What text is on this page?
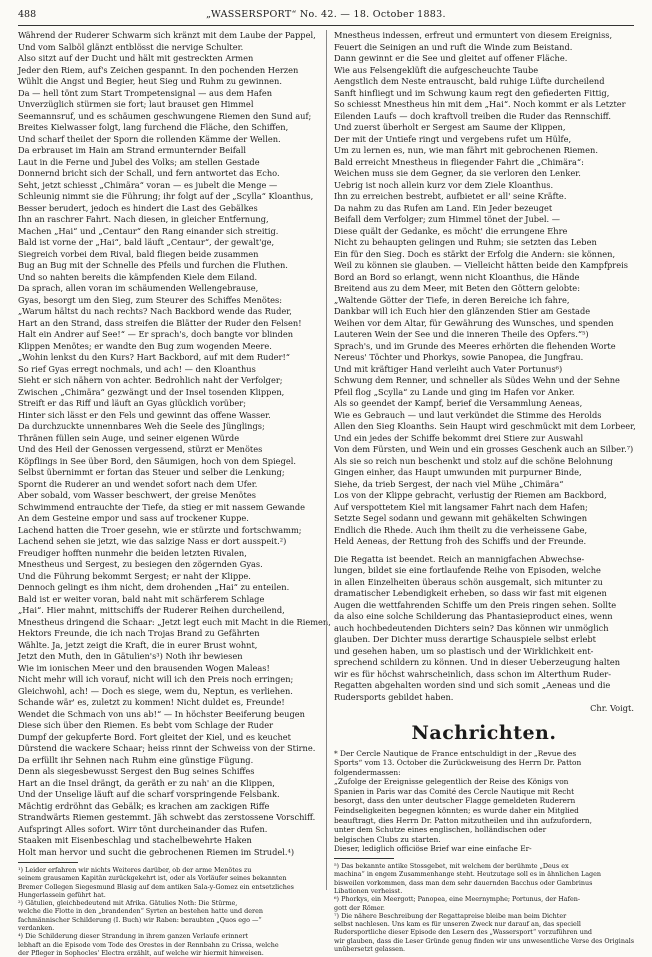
488	„WASSERSPORT“ No. 42. — 18. October 1883.

Während der Ruderer Schwarm sich kränzt mit dem Laube der Pappel,

Und vom Salböl glänzt entblösst die nervige Schulter.

Also sitzt auf der Ducht und hält mit gestreckten Armen

Jeder den Riem, auf's Zeichen gespannt. In den pochenden Herzen

Wühlt die Angst und Begier, heut Sieg und Ruhm zu gewinnen.

Da — hell tönt zum Start Trompetensignal — aus dem Hafen

Unverzüglich stürmen sie fort; laut brauset gen Himmel

Seemannsruf, und es schäumen geschwungene Riemen den Sund auf;

Breites Kielwasser folgt, lang furchend die Fläche, den Schiffen,

Und scharf theilet der Sporn die rollenden Kämme der Wellen.

Da erbrauset im Hain am Strand ermunternder Beifall

Laut in die Ferne und Jubel des Volks; am stellen Gestade

Donnernd bricht sich der Schall, und fern antwortet das Echo.

Seht, jetzt schiesst „Chimära“ voran — es jubelt die Menge —

Schleunig nimmt sie die Führung; ihr folgt auf der „Scylla“ Kloanthus,

Besser berudert, jedoch es hindert die Last des Gebälkes

Ihn an raschrer Fahrt. Nach diesen, in gleicher Entfernung,

Machen „Hai“ und „Centaur“ den Rang einander sich streitig.

Bald ist vorne der „Hai“, bald läuft „Centaur“, der gewalt'ge,

Siegreich vorbei dem Rival, bald fliegen beide zusammen

Bug an Bug mit der Schnelle des Pfeils und furchen die Fluthen.

Und so nahten bereits die kämpfenden Kiele dem Eiland.

Da sprach, allen voran im schäumenden Wellengebrause,

Gyas, besorgt um den Sieg, zum Steurer des Schiffes Menötes:

„Warum hältst du nach rechts? Nach Backbord wende das Ruder,

Hart an den Strand, dass streifen die Blätter der Ruder den Felsen!

Halt ein Andrer auf See!“ — Er sprach's, doch bangte vor blinden

Klippen Menötes; er wandte den Bug zum wogenden Meere.

„Wohin lenkst du den Kurs? Hart Backbord, auf mit dem Ruder!“

So rief Gyas erregt nochmals, und ach! — den Kloanthus

Sieht er sich nähern von achter. Bedrohlich naht der Verfolger;

Zwischen „Chimära“ gezwängt und der Insel tosenden Klippen,

Streift er das Riff und läuft an Gyas glücklich vorüber;

Hinter sich lässt er den Fels und gewinnt das offene Wasser.

Da durchzuckte unnennbares Weh die Seele des Jünglings;

Thränen füllen sein Auge, und seiner eigenen Würde

Und des Heil der Genossen vergessend, stürzt er Menötes

Köpflings in See über Bord, den Säumigen, hoch von dem Spiegel.

Selbst übernimmt er fortan das Steuer und selber die Lenkung;

Spornt die Ruderer an und wendet sofort nach dem Ufer.

Aber sobald, vom Wasser beschwert, der greise Menötes

Schwimmend entrauchte der Tiefe, da stieg er mit nassem Gewande

An dem Gesteine empor und sass auf trockener Kuppe.

Lachend hatten die Troer gesehn, wie er stürzte und fortschwamm;

Lachend sehen sie jetzt, wie das salzige Nass er dort ausspeit.²)

Freudiger hofften nunmehr die beiden letzten Rivalen,

Mnestheus und Sergest, zu besiegen den zögernden Gyas.

Und die Führung bekommt Sergest; er naht der Klippe.

Dennoch gelingt es ihm nicht, dem drohenden „Hai“ zu enteilen.

Bald ist er weiter voran, bald naht mit schärferem Schlage

„Hai“. Hier mahnt, mittschiffs der Ruderer Reihen durcheilend,

Mnestheus dringend die Schaar: „Jetzt legt euch mit Macht in die Riemen,

Hektors Freunde, die ich nach Trojas Brand zu Gefährten

Wählte. Ja, jetzt zeigt die Kraft, die in eurer Brust wohnt,

Jetzt den Muth, den in Gätulien's³) Noth ihr bewiesen

Wie im ionischen Meer und den brausenden Wogen Maleas!

Nicht mehr will ich vorauf, nicht will ich den Preis noch erringen;

Gleichwohl, ach! — Doch es siege, wem du, Neptun, es verliehen.

Schande wär' es, zuletzt zu kommen! Nicht duldet es, Freunde!

Wendet die Schmach von uns ab!“ — In höchster Beeiferung beugen

Diese sich über den Riemen. Es bebt vom Schlage der Ruder

Dumpf der gekupferte Bord. Fort gleitet der Kiel, und es keuchet

Dürstend die wackere Schaar; heiss rinnt der Schweiss von der Stirne.

Da erfüllt ihr Sehnen nach Ruhm eine günstige Fügung.

Denn als siegesbewusst Sergest den Bug seines Schiffes

Hart an die Insel drängt, da geräth er zu nah' an die Klippen,

Und der Unselige läuft auf die scharf vorspringende Felsbank.

Mächtig erdröhnt das Gebälk; es krachen am zackigen Riffe

Strandwärts Riemen gestemmt. Jäh schwebt das zerstossene Vorschiff.

Aufspringt Alles sofort. Wirr tönt durcheinander das Rufen.

Staaken mit Eisenbeschlag und stachelbewehrte Haken

Holt man hervor und sucht die gebrochenen Riemen im Strudel.⁴)

¹) Leider erfahren wir nichts Weiteres darüber, ob der arme Menötes zu

seinem grausamen Kapitän zurückgekehrt ist, oder als Vorläufer seines bekannten

Bremer Collegen Siegesmund Blasig auf dem antiken Sala-y-Gomez ein entsetzliches

Hungerlassein geführt hat.

²) Gätulien, gleichbedeutend mit Afrika. Gätulies Noth: Die Stürme,

welche die Flotte in den „brandenden“ Syrten an bestehen hatte und deren

fachmännischer Schilderung (I. Buch) wir Raben: beraubten „Quos ego —“

verdanken.

⁴) Die Schilderung dieser Strandung in ihrem ganzen Verlaufe erinnert

lebhaft an die Episode vom Tode des Orestes in der Rennbahn zu Crissa, welche

der Pfleger in Sophocles' Electra erzählt, auf welche wir hiermit hinweisen.

Mnestheus indessen, erfreut und ermuntert von diesem Ereigniss,

Feuert die Seinigen an und ruft die Winde zum Beistand.

Dann gewinnt er die See und gleitet auf offener Fläche.

Wie aus Felsengeklüft die aufgescheuchte Taube

Aengstlich dem Neste entrauscht, bald ruhige Lüfte durcheilend

Sanft hinfliegt und im Schwung kaum regt den gefiederten Fittig,

So schiesst Mnestheus hin mit dem „Hai“. Noch kommt er als Letzter

Eilenden Laufs — doch kraftvoll treiben die Ruder das Rennschiff.

Und zuerst überholt er Sergest am Saume der Klippen,

Der mit der Untiefe ringt und vergebens rufet um Hülfe,

Um zu lernen es, nun, wie man fährt mit gebrochenen Riemen.

Bald erreicht Mnestheus in fliegender Fahrt die „Chimära“:

Weichen muss sie dem Gegner, da sie verloren den Lenker.

Uebrig ist noch allein kurz vor dem Ziele Kloanthus.

Ihn zu erreichen bestrebt, aufbietet er all' seine Kräfte.

Da nahm zu das Rufen am Land. Ein Jeder bezeuget

Beifall dem Verfolger; zum Himmel tönet der Jubel. —

Diese quält der Gedanke, es möcht' die errungene Ehre

Nicht zu behaupten gelingen und Ruhm; sie setzten das Leben

Ein für den Sieg. Doch es stärkt der Erfolg die Andern: sie können,

Weil zu können sie glauben. — Vielleicht hätten beide den Kampfpreis

Bord an Bord so erlangt, wenn nicht Kloanthus, die Hände

Breitend aus zu dem Meer, mit Beten den Göttern gelobte:

„Waltende Götter der Tiefe, in deren Bereiche ich fahre,

Dankbar will ich Euch hier den glänzenden Stier am Gestade

Weihen vor dem Altar, für Gewährung des Wunsches, und spenden

Lauteren Wein der See und die inneren Theile des Opfers.“⁵)

Sprach's, und im Grunde des Meeres erhörten die flehenden Worte

Nereus' Töchter und Phorkys, sowie Panopea, die Jungfrau.

Und mit kräftiger Hand verleiht auch Vater Portunus⁶)

Schwung dem Renner, und schneller als Südes Wehn und der Sehne

Pfeil flog „Scylla“ zu Lande und ging im Hafen vor Anker.

Als so geendet der Kampf, berief die Versammlung Aeneas,

Wie es Gebrauch — und laut verkündet die Stimme des Herolds

Allen den Sieg Kloanths. Sein Haupt wird geschmückt mit dem Lorbeer,

Und ein jedes der Schiffe bekommt drei Stiere zur Auswahl

Von dem Fürsten, und Wein und ein grosses Geschenk auch an Silber.⁷)

Als sie so reich nun beschenkt und stolz auf die schöne Belohnung

Gingen einher, das Haupt umwunden mit purpurner Binde,

Siehe, da trieb Sergest, der nach viel Mühe „Chimära“

Los von der Klippe gebracht, verlustig der Riemen am Backbord,

Auf verspottetem Kiel mit langsamer Fahrt nach dem Hafen;

Setzte Segel sodann und gewann mit gehäkelten Schwingen

Endlich die Rhede. Auch ihm theilt zu die verheissene Gabe,

Held Aeneas, der Rettung froh des Schiffs und der Freunde.

Die Regatta ist beendet. Reich an mannigfachen Abwechse-

lungen, bildet sie eine fortlaufende Reihe von Episoden, welche

in allen Einzelheiten überaus schön ausgemalt, sich mitunter zu

dramatischer Lebendigkeit erheben, so dass wir fast mit eigenen

Augen die wettfahrenden Schiffe um den Preis ringen sehen. Sollte

da also eine solche Schilderung das Phantasieproduct eines, wenn

auch hochbedeutenden Dichters sein? Das können wir unmöglich

glauben. Der Dichter muss derartige Schauspiele selbst erlebt

und gesehen haben, um so plastisch und der Wirklichkeit ent-

sprechend schildern zu können. Und in dieser Ueberzeugung halten

wir es für höchst wahrscheinlich, dass schon im Alterthum Ruder-

Regatten abgehalten worden sind und sich somit „Aeneas und die

Rudersports gebildet haben.

Chr. Voigt.
Nachrichten.

* Der Cercle Nautique de France entschuldigt in der „Revue des

Sports“ vom 13. October die Zurückweisung des Herrn Dr. Patton

folgendermassen:

„Zufolge der Ereignisse gelegentlich der Reise des Königs von

Spanien in Paris war das Comité des Cercle Nautique mit Recht

besorgt, dass den unter deutscher Flagge gemeldeten Ruderern

Feindseligkeiten begegnen könnten; es wurde daher ein Mitglied

beauftragt, dies Herrn Dr. Patton mitzutheilen und ihn aufzufordern,

unter dem Schutze eines englischen, holländischen oder

belgischen Clubs zu starten.

Dieser, lediglich officiöse Brief war eine einfache Er-

⁵) Das bekannte antike Stossgebet, mit welchem der berühmte „Deus ex

machina“ in engem Zusammenhange steht. Heutzutage soll es in ähnlichen Lagen

bisweilen vorkommen, dass man dem sehr dauernden Bacchus oder Gambrinus

Libationen verheisst.

⁶) Phorkys, ein Meergott; Panopea, eine Meernymphe; Portunus, der Hafen-

gott der Römer.

⁷) Die nähere Beschreibung der Regattapreise bleibe man beim Dichter

selbst nachlesen. Uns kam es für unseren Zweck nur darauf an, das speciell

Rudersportliche dieser Episode den Lesern des „Wassersport“ vorzuführen und

wir glauben, dass die Leser Gründe genug finden wir uns unwesentliche Verse des Originals

unübersetzt gelassen.
